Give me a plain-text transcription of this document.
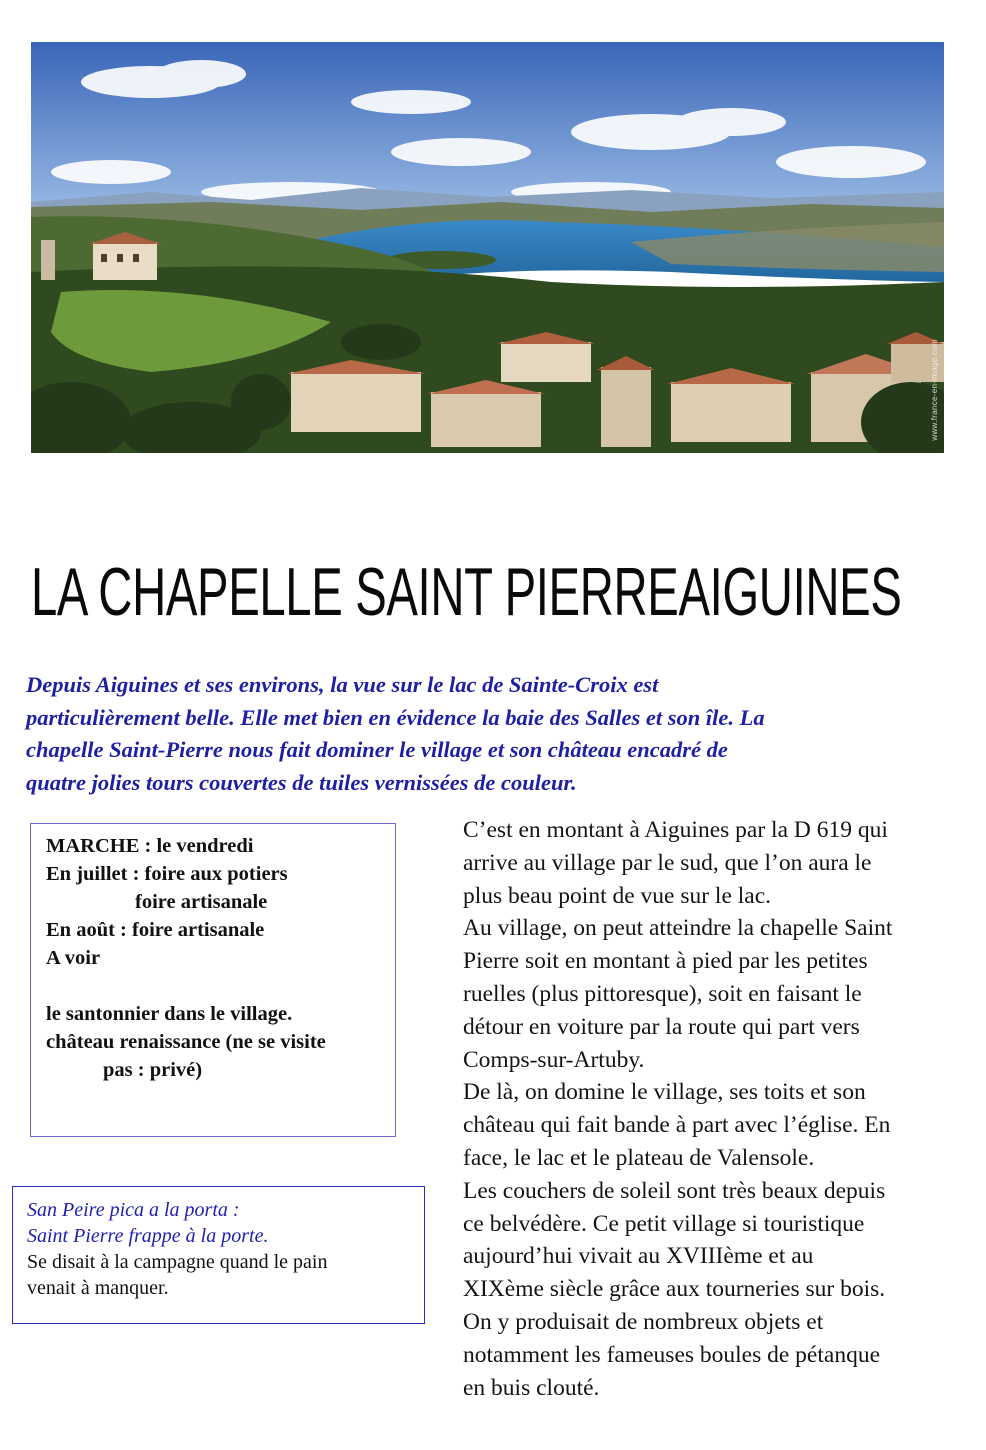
www.france-en-image.com
LA CHAPELLE SAINT PIERREAIGUINES

Depuis Aiguines et ses environs, la vue sur le lac de Sainte-Croix est
particulièrement belle. Elle met bien en évidence la baie des Salles et son île. La
chapelle Saint-Pierre nous fait dominer le village et son château encadré de
quatre jolies tours couvertes de tuiles vernissées de couleur.

MARCHE : le vendredi
En juillet : foire aux potiers
foire artisanale
En août : foire artisanale
A voir
le santonnier dans le village.
château renaissance (ne se visite
pas : privé)
San Peire pica a la porta :
Saint Pierre frappe à la porte.
Se disait à la campagne quand le pain
venait à manquer.
C’est en montant à Aiguines par la D 619 qui
arrive au village par le sud, que l’on aura le
plus beau point de vue sur le lac.
Au village, on peut atteindre la chapelle Saint
Pierre soit en montant à pied par les petites
ruelles (plus pittoresque), soit en faisant le
détour en voiture par la route qui part vers
Comps-sur-Artuby.
De là, on domine le village, ses toits et son
château qui fait bande à part avec l’église. En
face, le lac et le plateau de Valensole.
Les couchers de soleil sont très beaux depuis
ce belvédère. Ce petit village si touristique
aujourd’hui vivait au XVIIIème et au
XIXème siècle grâce aux tourneries sur bois.
On y produisait de nombreux objets et
notamment les fameuses boules de pétanque
en buis clouté.
